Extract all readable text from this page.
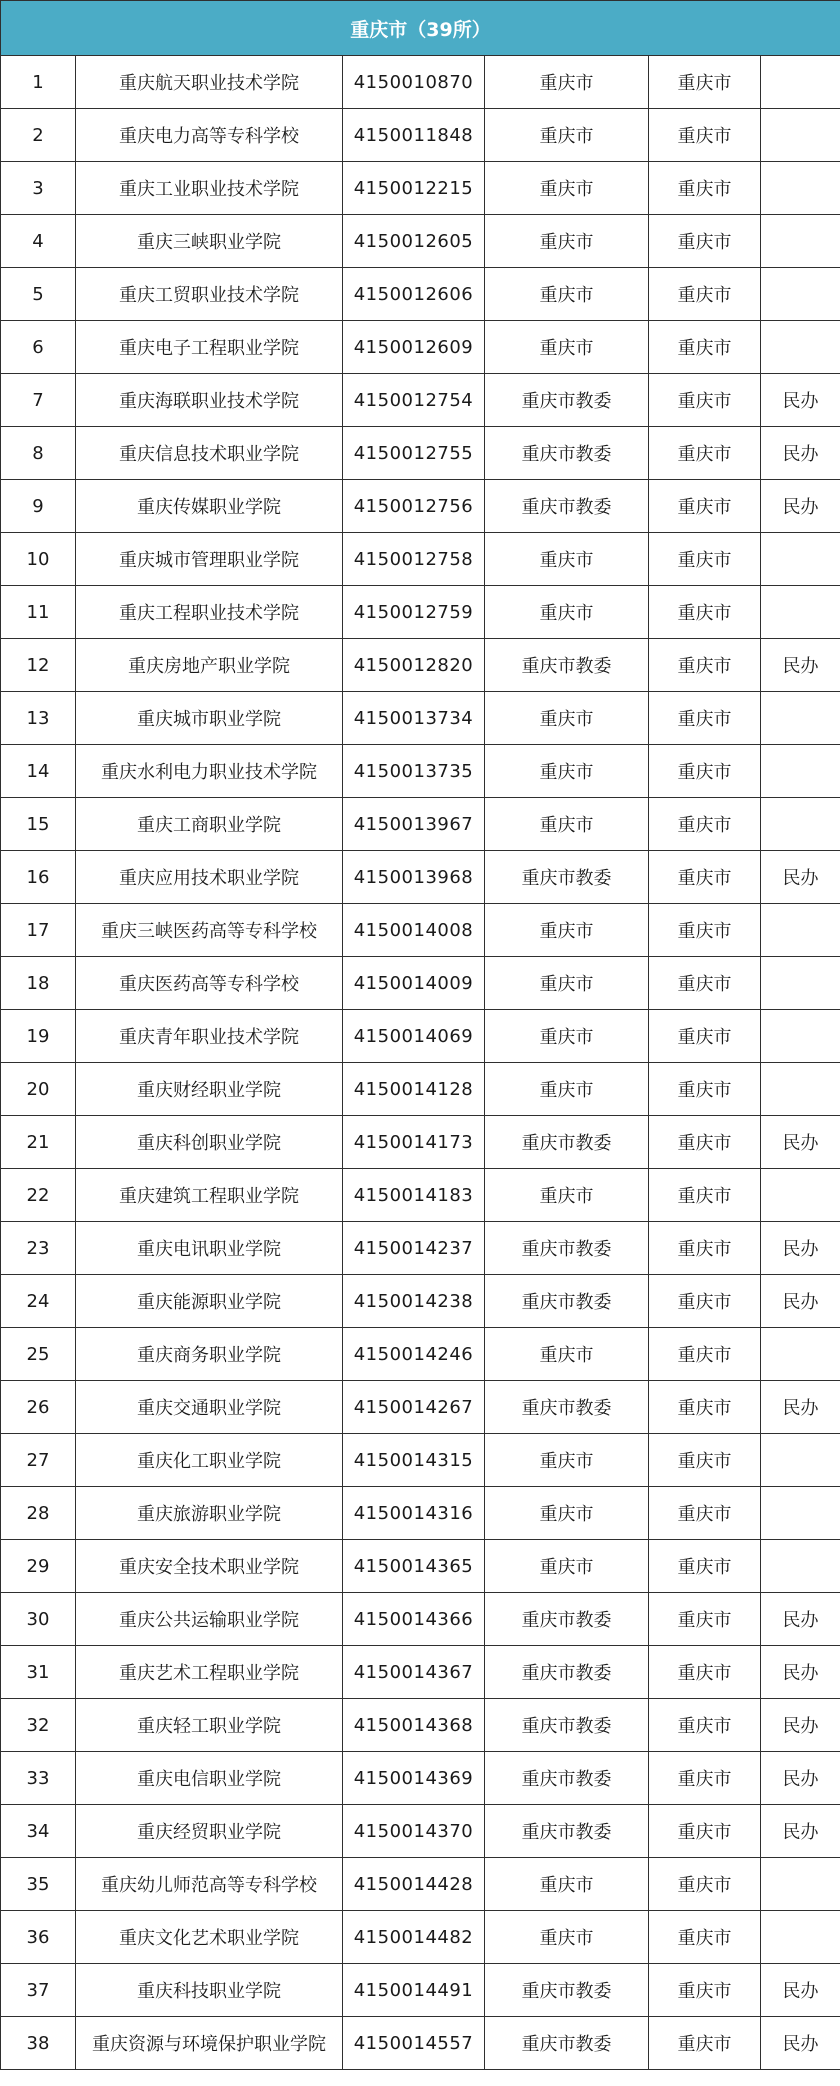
重庆市（39所）					
1	重庆航天职业技术学院	4150010870	重庆市	重庆市	
2	重庆电力高等专科学校	4150011848	重庆市	重庆市	
3	重庆工业职业技术学院	4150012215	重庆市	重庆市	
4	重庆三峡职业学院	4150012605	重庆市	重庆市	
5	重庆工贸职业技术学院	4150012606	重庆市	重庆市	
6	重庆电子工程职业学院	4150012609	重庆市	重庆市	
7	重庆海联职业技术学院	4150012754	重庆市教委	重庆市	民办
8	重庆信息技术职业学院	4150012755	重庆市教委	重庆市	民办
9	重庆传媒职业学院	4150012756	重庆市教委	重庆市	民办
10	重庆城市管理职业学院	4150012758	重庆市	重庆市	
11	重庆工程职业技术学院	4150012759	重庆市	重庆市	
12	重庆房地产职业学院	4150012820	重庆市教委	重庆市	民办
13	重庆城市职业学院	4150013734	重庆市	重庆市	
14	重庆水利电力职业技术学院	4150013735	重庆市	重庆市	
15	重庆工商职业学院	4150013967	重庆市	重庆市	
16	重庆应用技术职业学院	4150013968	重庆市教委	重庆市	民办
17	重庆三峡医药高等专科学校	4150014008	重庆市	重庆市	
18	重庆医药高等专科学校	4150014009	重庆市	重庆市	
19	重庆青年职业技术学院	4150014069	重庆市	重庆市	
20	重庆财经职业学院	4150014128	重庆市	重庆市	
21	重庆科创职业学院	4150014173	重庆市教委	重庆市	民办
22	重庆建筑工程职业学院	4150014183	重庆市	重庆市	
23	重庆电讯职业学院	4150014237	重庆市教委	重庆市	民办
24	重庆能源职业学院	4150014238	重庆市教委	重庆市	民办
25	重庆商务职业学院	4150014246	重庆市	重庆市	
26	重庆交通职业学院	4150014267	重庆市教委	重庆市	民办
27	重庆化工职业学院	4150014315	重庆市	重庆市	
28	重庆旅游职业学院	4150014316	重庆市	重庆市	
29	重庆安全技术职业学院	4150014365	重庆市	重庆市	
30	重庆公共运输职业学院	4150014366	重庆市教委	重庆市	民办
31	重庆艺术工程职业学院	4150014367	重庆市教委	重庆市	民办
32	重庆轻工职业学院	4150014368	重庆市教委	重庆市	民办
33	重庆电信职业学院	4150014369	重庆市教委	重庆市	民办
34	重庆经贸职业学院	4150014370	重庆市教委	重庆市	民办
35	重庆幼儿师范高等专科学校	4150014428	重庆市	重庆市	
36	重庆文化艺术职业学院	4150014482	重庆市	重庆市	
37	重庆科技职业学院	4150014491	重庆市教委	重庆市	民办
38	重庆资源与环境保护职业学院	4150014557	重庆市教委	重庆市	民办
